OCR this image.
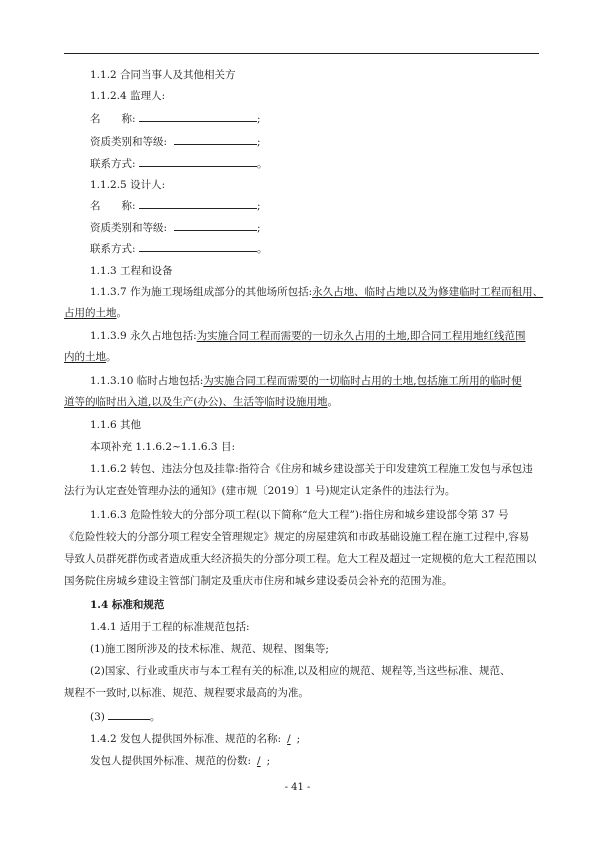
1.1.2 合同当事人及其他相关方
1.1.2.4 监理人:
名　　称:	;
资质类别和等级:	;
联系方式:	。
1.1.2.5 设计人:
名　　称:	;
资质类别和等级:	;
联系方式:	。
1.1.3 工程和设备
1.1.3.7 作为施工现场组成部分的其他场所包括:永久占地、临时占地以及为修建临时工程而租用、
占用的土地。
1.1.3.9 永久占地包括:为实施合同工程而需要的一切永久占用的土地,即合同工程用地红线范围
内的土地。
1.1.3.10 临时占地包括:为实施合同工程而需要的一切临时占用的土地,包括施工所用的临时便
道等的临时出入道,以及生产(办公)、生活等临时设施用地。
1.1.6 其他
本项补充 1.1.6.2~1.1.6.3 目:
1.1.6.2 转包、违法分包及挂靠:指符合《住房和城乡建设部关于印发建筑工程施工发包与承包违
法行为认定查处管理办法的通知》(建市规〔2019〕1 号)规定认定条件的违法行为。
1.1.6.3 危险性较大的分部分项工程(以下简称“危大工程”):指住房和城乡建设部令第 37 号
《危险性较大的分部分项工程安全管理规定》规定的房屋建筑和市政基础设施工程在施工过程中,容易
导致人员群死群伤或者造成重大经济损失的分部分项工程。危大工程及超过一定规模的危大工程范围以
国务院住房城乡建设主管部门制定及重庆市住房和城乡建设委员会补充的范围为准。
1.4 标准和规范
1.4.1 适用于工程的标准规范包括:
(1)施工图所涉及的技术标准、规范、规程、图集等;
(2)国家、行业或重庆市与本工程有关的标准,以及相应的规范、规程等,当这些标准、规范、
规程不一致时,以标准、规范、规程要求最高的为准。
(3)	。
1.4.2 发包人提供国外标准、规范的名称: / ;
发包人提供国外标准、规范的份数: / ;
- 41 -
